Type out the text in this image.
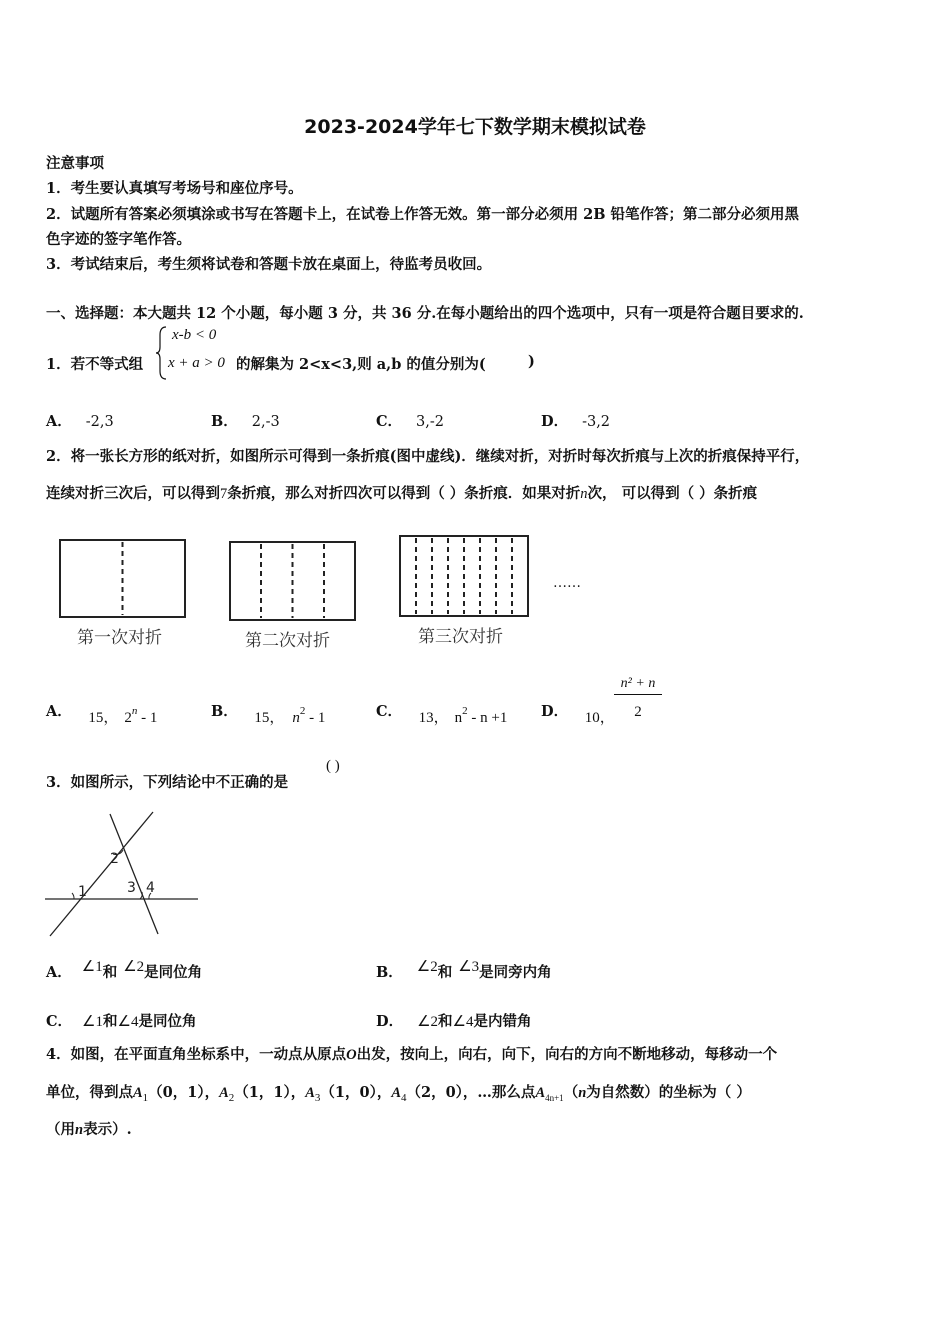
2023-2024学年七下数学期末模拟试卷
注意事项
1．考生要认真填写考场号和座位序号。
2．试题所有答案必须填涂或书写在答题卡上，在试卷上作答无效。第一部分必须用 2B 铅笔作答；第二部分必须用黑
色字迹的签字笔作答。
3．考试结束后，考生须将试卷和答题卡放在桌面上，待监考员收回。
一、选择题：本大题共 12 个小题，每小题 3 分，共 36 分.在每小题给出的四个选项中，只有一项是符合题目要求的.
1．若不等式组
x-b < 0
x + a > 0 的解集为 2<x<3,则 a,b 的值分别为(	)
A． -2,3	B． 2,-3	C． 3,-2	D． -3,2
2．将一张长方形的纸对折，如图所示可得到一条折痕(图中虚线)．继续对折，对折时每次折痕与上次的折痕保持平行，
连续对折三次后，可以得到7条折痕，那么对折四次可以得到（ ）条折痕．如果对折n次， 可以得到（ ）条折痕
第一次对折	第二次对折	第三次对折
……
A． 15， 2$^n$ - 1	B． 15， $n^2 - 1$	C． 13， $n^2 - n +1$ D． 10，
n² + n
2
3．如图所示，下列结论中不正确的是
( )
1
2
3 4
A． ∠1和 ∠2是同位角	B． ∠2和 ∠3是同旁内角
C． ∠1和∠4是同位角	D． ∠2和∠4是内错角
4．如图，在平面直角坐标系中，一动点从原点O出发，按向上，向右，向下，向右的方向不断地移动，每移动一个
单位，得到点$A_1(0$，1），$A_2(1$，1），$A_3(1$，0），$A_4(2$，0），…那么点$A_{4n+1}(n$为自然数）的坐标为（ ）
（用n表示）.
